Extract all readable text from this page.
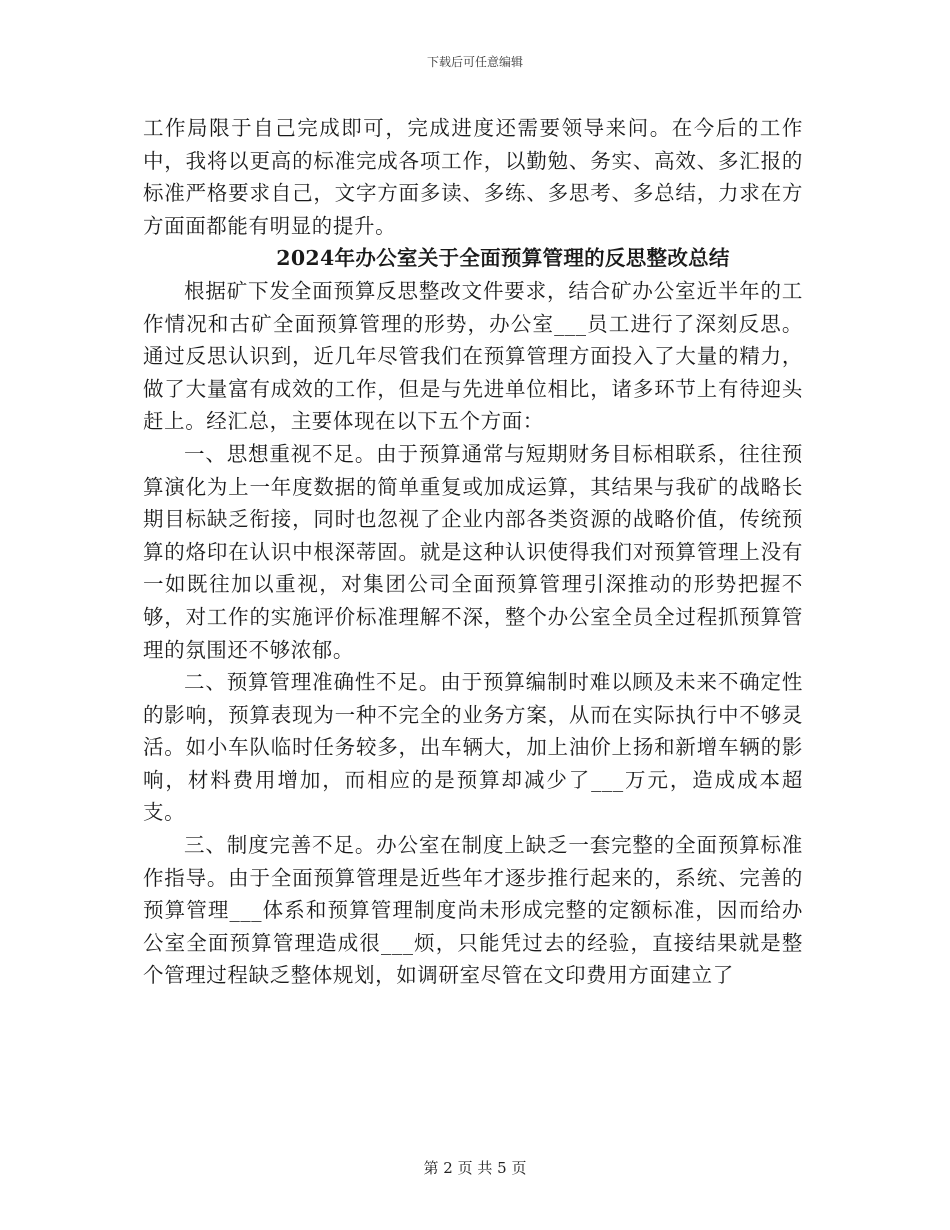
下载后可任意编辑

工作局限于自己完成即可，完成进度还需要领导来问。在今后的工作中，我将以更高的标准完成各项工作，以勤勉、务实、高效、多汇报的标准严格要求自己，文字方面多读、多练、多思考、多总结，力求在方方面面都能有明显的提升。

2024年办公室关于全面预算管理的反思整改总结

根据矿下发全面预算反思整改文件要求，结合矿办公室近半年的工作情况和古矿全面预算管理的形势，办公室___员工进行了深刻反思。通过反思认识到，近几年尽管我们在预算管理方面投入了大量的精力，做了大量富有成效的工作，但是与先进单位相比，诸多环节上有待迎头赶上。经汇总，主要体现在以下五个方面：

一、思想重视不足。由于预算通常与短期财务目标相联系，往往预算演化为上一年度数据的简单重复或加成运算，其结果与我矿的战略长期目标缺乏衔接，同时也忽视了企业内部各类资源的战略价值，传统预算的烙印在认识中根深蒂固。就是这种认识使得我们对预算管理上没有一如既往加以重视，对集团公司全面预算管理引深推动的形势把握不够，对工作的实施评价标准理解不深，整个办公室全员全过程抓预算管理的氛围还不够浓郁。

二、预算管理准确性不足。由于预算编制时难以顾及未来不确定性的影响，预算表现为一种不完全的业务方案，从而在实际执行中不够灵活。如小车队临时任务较多，出车辆大，加上油价上扬和新增车辆的影响，材料费用增加，而相应的是预算却减少了___万元，造成成本超支。

三、制度完善不足。办公室在制度上缺乏一套完整的全面预算标准作指导。由于全面预算管理是近些年才逐步推行起来的，系统、完善的预算管理___体系和预算管理制度尚未形成完整的定额标准，因而给办公室全面预算管理造成很___烦，只能凭过去的经验，直接结果就是整个管理过程缺乏整体规划，如调研室尽管在文印费用方面建立了

第 2 页 共 5 页
